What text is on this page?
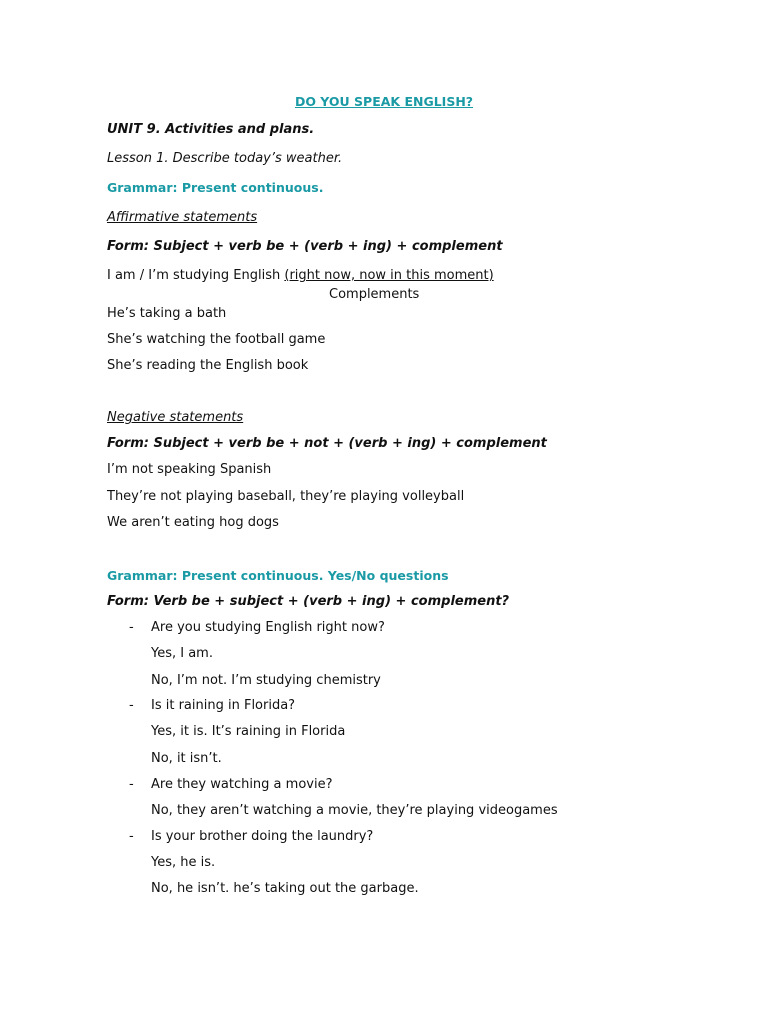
DO YOU SPEAK ENGLISH?
UNIT 9. Activities and plans.
Lesson 1. Describe today’s weather.
Grammar: Present continuous.
Affirmative statements
Form: Subject + verb be + (verb + ing) + complement
I am / I’m studying English (right now, now in this moment)
Complements
He’s taking a bath
She’s watching the football game
She’s reading the English book
Negative statements
Form: Subject + verb be + not + (verb + ing) + complement
I’m not speaking Spanish
They’re not playing baseball, they’re playing volleyball
We aren’t eating hog dogs
Grammar: Present continuous. Yes/No questions
Form: Verb be + subject + (verb + ing) + complement?
-	Are you studying English right now?
Yes, I am.
No, I’m not. I’m studying chemistry
-	Is it raining in Florida?
Yes, it is. It’s raining in Florida
No, it isn’t.
-	Are they watching a movie?
No, they aren’t watching a movie, they’re playing videogames
-	Is your brother doing the laundry?
Yes, he is.
No, he isn’t. he’s taking out the garbage.
